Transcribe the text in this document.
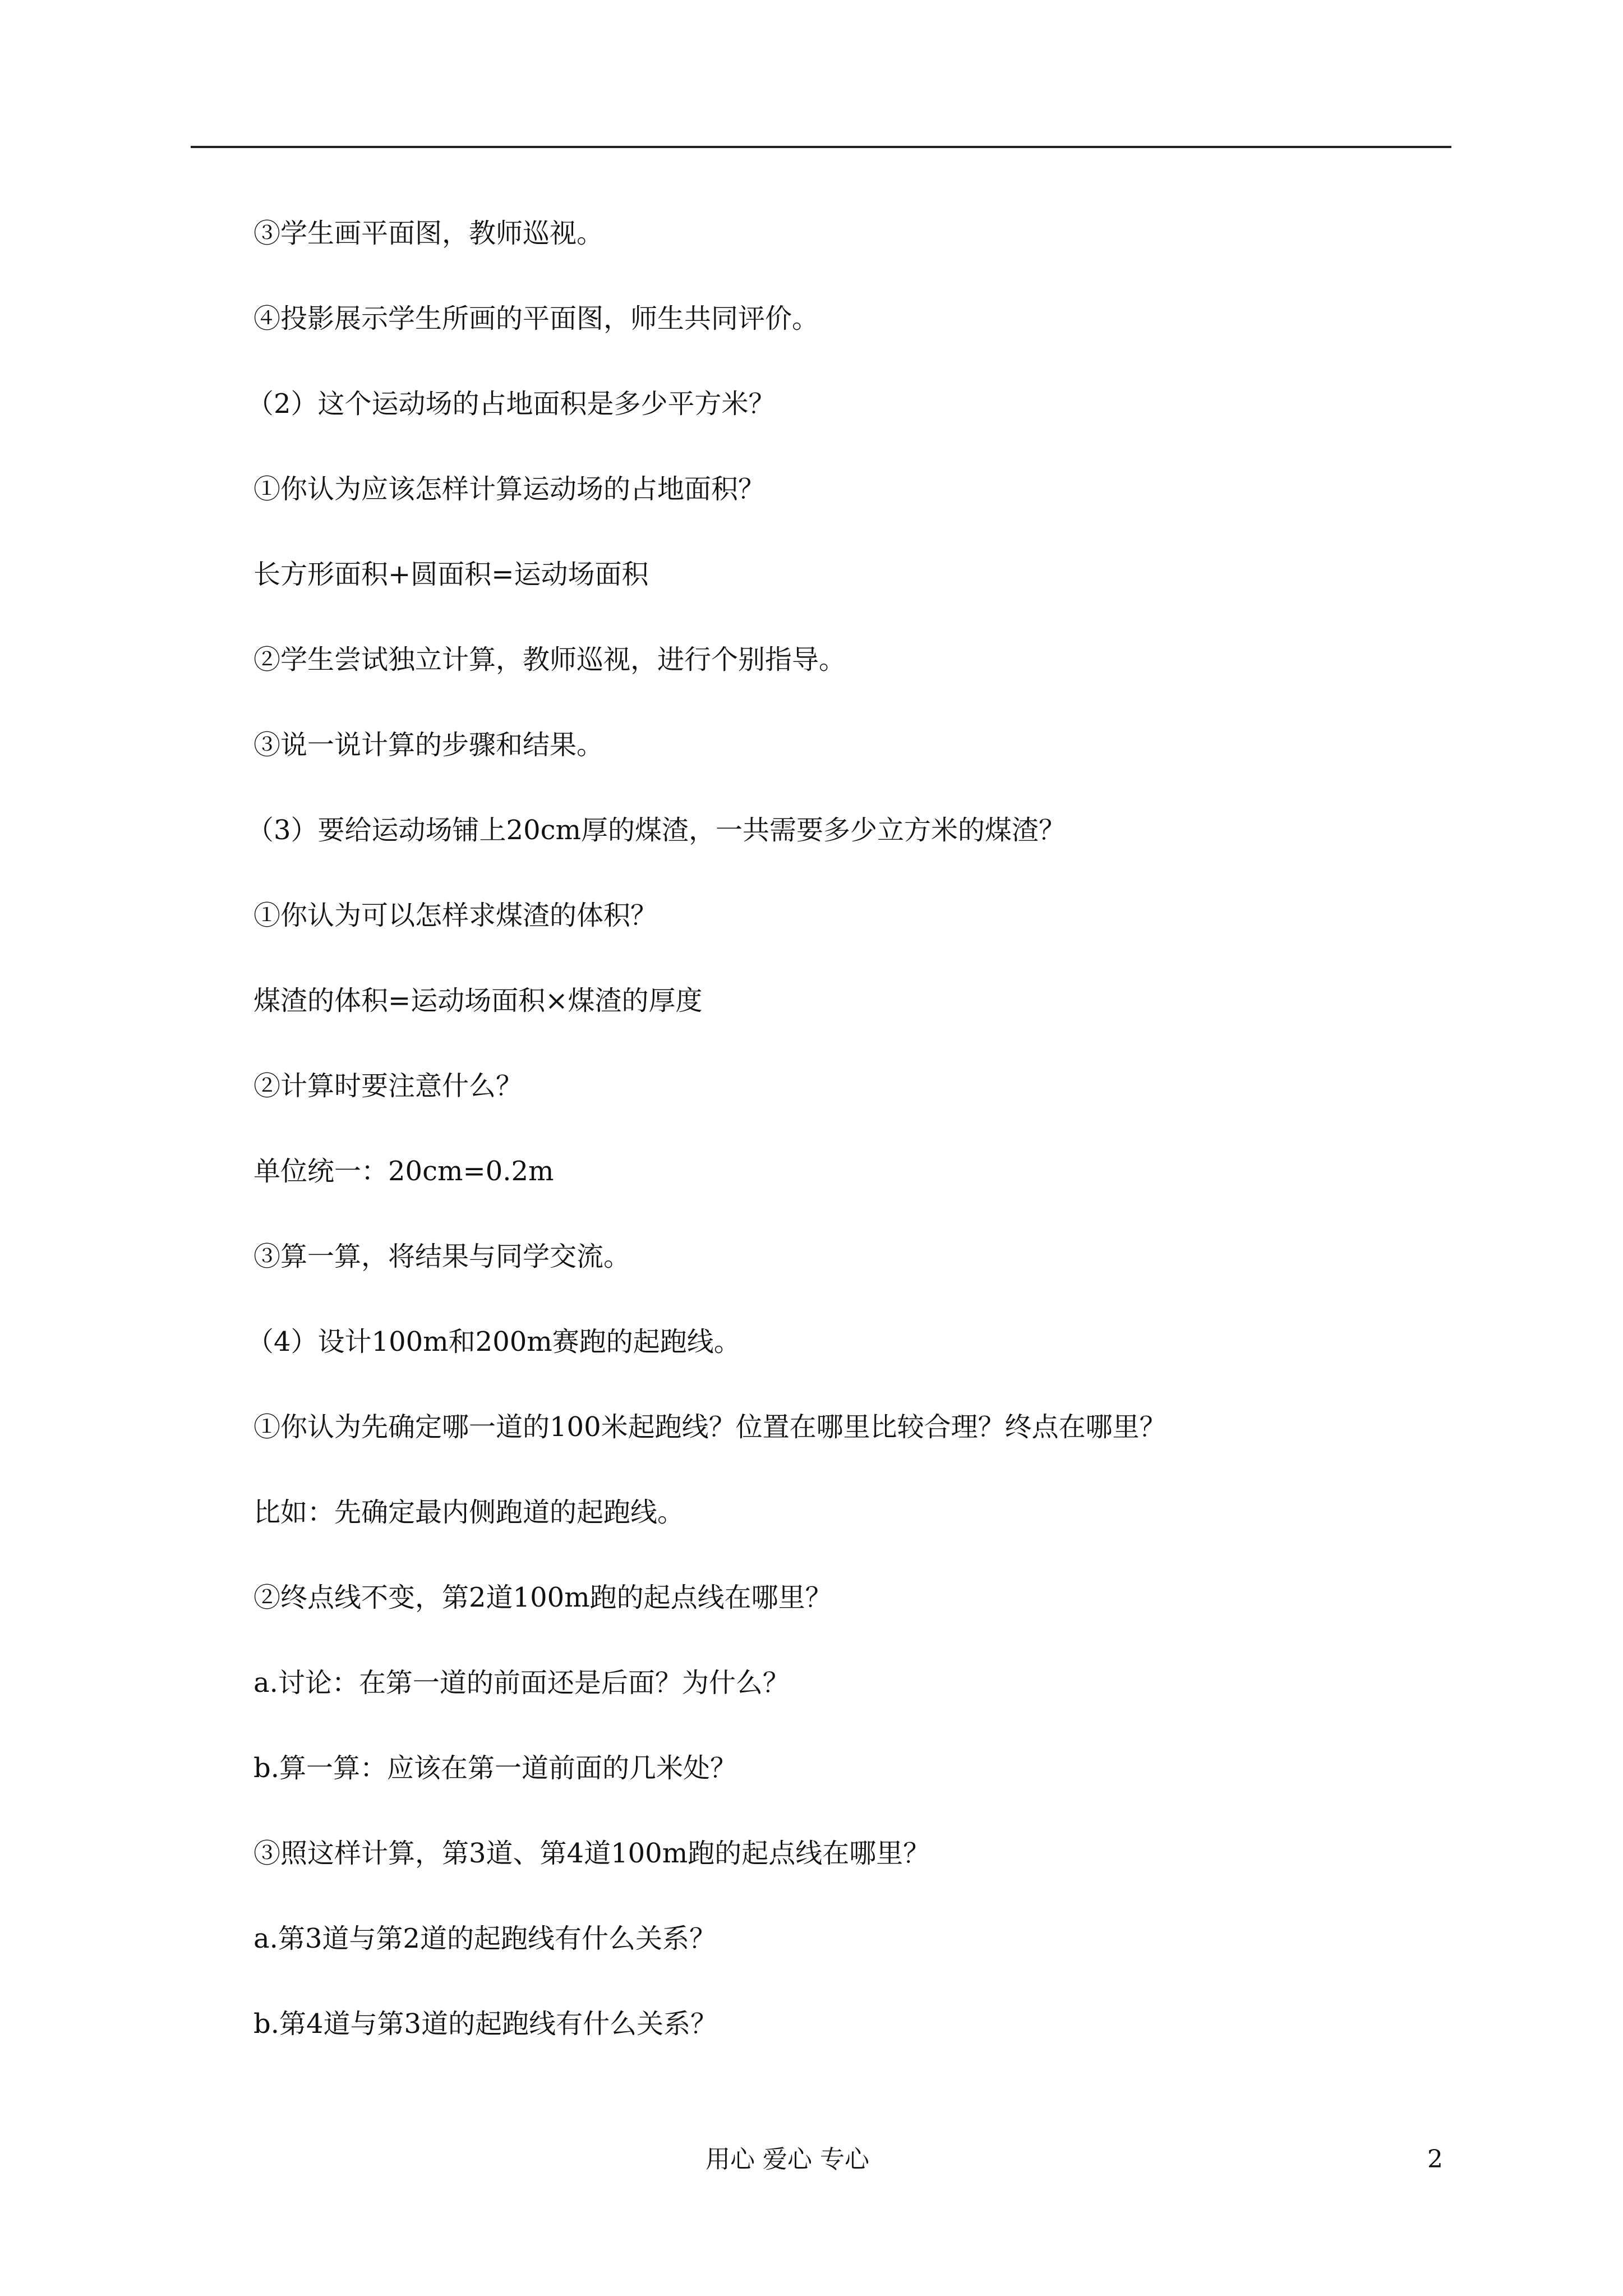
③学生画平面图，教师巡视。
④投影展示学生所画的平面图，师生共同评价。
（2）这个运动场的占地面积是多少平方米？
①你认为应该怎样计算运动场的占地面积？
长方形面积+圆面积=运动场面积
②学生尝试独立计算，教师巡视，进行个别指导。
③说一说计算的步骤和结果。
（3）要给运动场铺上20cm厚的煤渣，一共需要多少立方米的煤渣？
①你认为可以怎样求煤渣的体积？
煤渣的体积=运动场面积×煤渣的厚度
②计算时要注意什么？
单位统一：20cm=0.2m
③算一算，将结果与同学交流。
（4）设计100m和200m赛跑的起跑线。
①你认为先确定哪一道的100米起跑线？位置在哪里比较合理？终点在哪里？
比如：先确定最内侧跑道的起跑线。
②终点线不变，第2道100m跑的起点线在哪里？
a.讨论：在第一道的前面还是后面？为什么？
b.算一算：应该在第一道前面的几米处？
③照这样计算，第3道、第4道100m跑的起点线在哪里？
a.第3道与第2道的起跑线有什么关系？
b.第4道与第3道的起跑线有什么关系？
用心 爱心 专心	2
